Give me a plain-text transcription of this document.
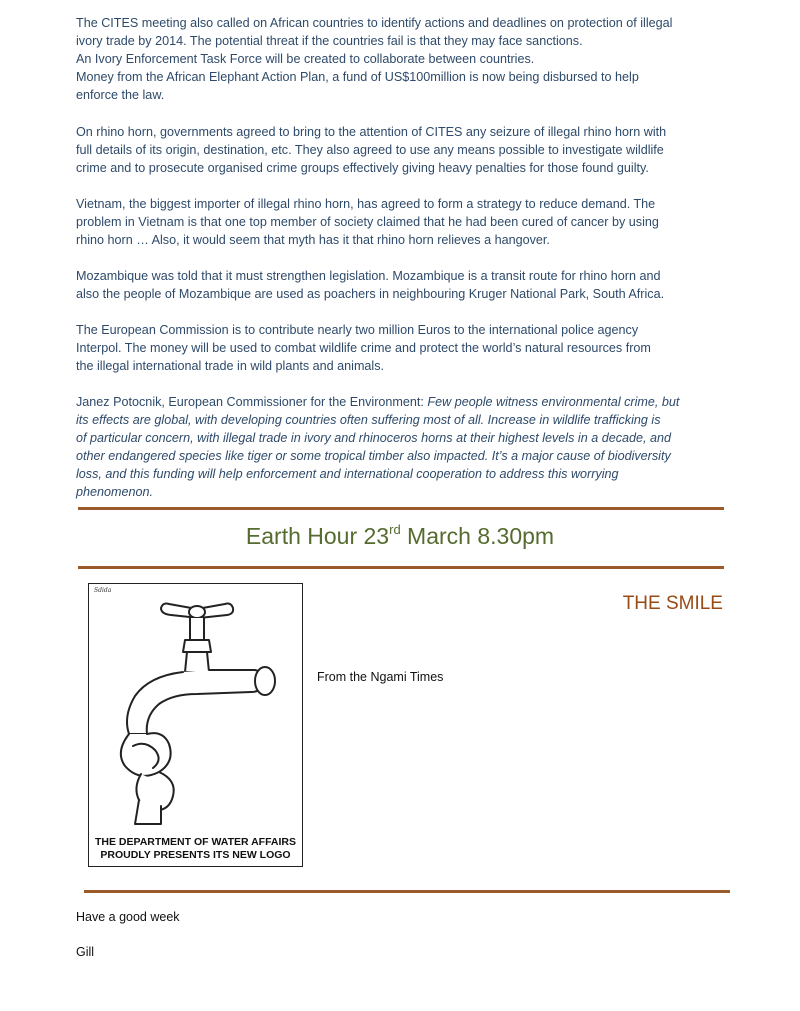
The CITES meeting also called on African countries to identify actions and deadlines on protection of illegal
ivory trade by 2014. The potential threat if the countries fail is that they may face sanctions.
An Ivory Enforcement Task Force will be created to collaborate between countries.
Money from the African Elephant Action Plan, a fund of US$100million is now being disbursed to help
enforce the law.
On rhino horn, governments agreed to bring to the attention of CITES any seizure of illegal rhino horn with
full details of its origin, destination, etc. They also agreed to use any means possible to investigate wildlife
crime and to prosecute organised crime groups effectively giving heavy penalties for those found guilty.
Vietnam, the biggest importer of illegal rhino horn, has agreed to form a strategy to reduce demand. The
problem in Vietnam is that one top member of society claimed that he had been cured of cancer by using
rhino horn … Also, it would seem that myth has it that rhino horn relieves a hangover.
Mozambique was told that it must strengthen legislation. Mozambique is a transit route for rhino horn and
also the people of Mozambique are used as poachers in neighbouring Kruger National Park, South Africa.
The European Commission is to contribute nearly two million Euros to the international police agency
Interpol. The money will be used to combat wildlife crime and protect the world’s natural resources from
the illegal international trade in wild plants and animals.
Janez Potocnik, European Commissioner for the Environment: Few people witness environmental crime, but
its effects are global, with developing countries often suffering most of all. Increase in wildlife trafficking is
of particular concern, with illegal trade in ivory and rhinoceros horns at their highest levels in a decade, and
other endangered species like tiger or some tropical timber also impacted. It’s a major cause of biodiversity
loss, and this funding will help enforcement and international cooperation to address this worrying
phenomenon.
Earth Hour 23rd March 8.30pm
Sdida
THE DEPARTMENT OF WATER AFFAIRS
PROUDLY PRESENTS ITS NEW LOGO
THE SMILE
From the Ngami Times
Have a good week
Gill
